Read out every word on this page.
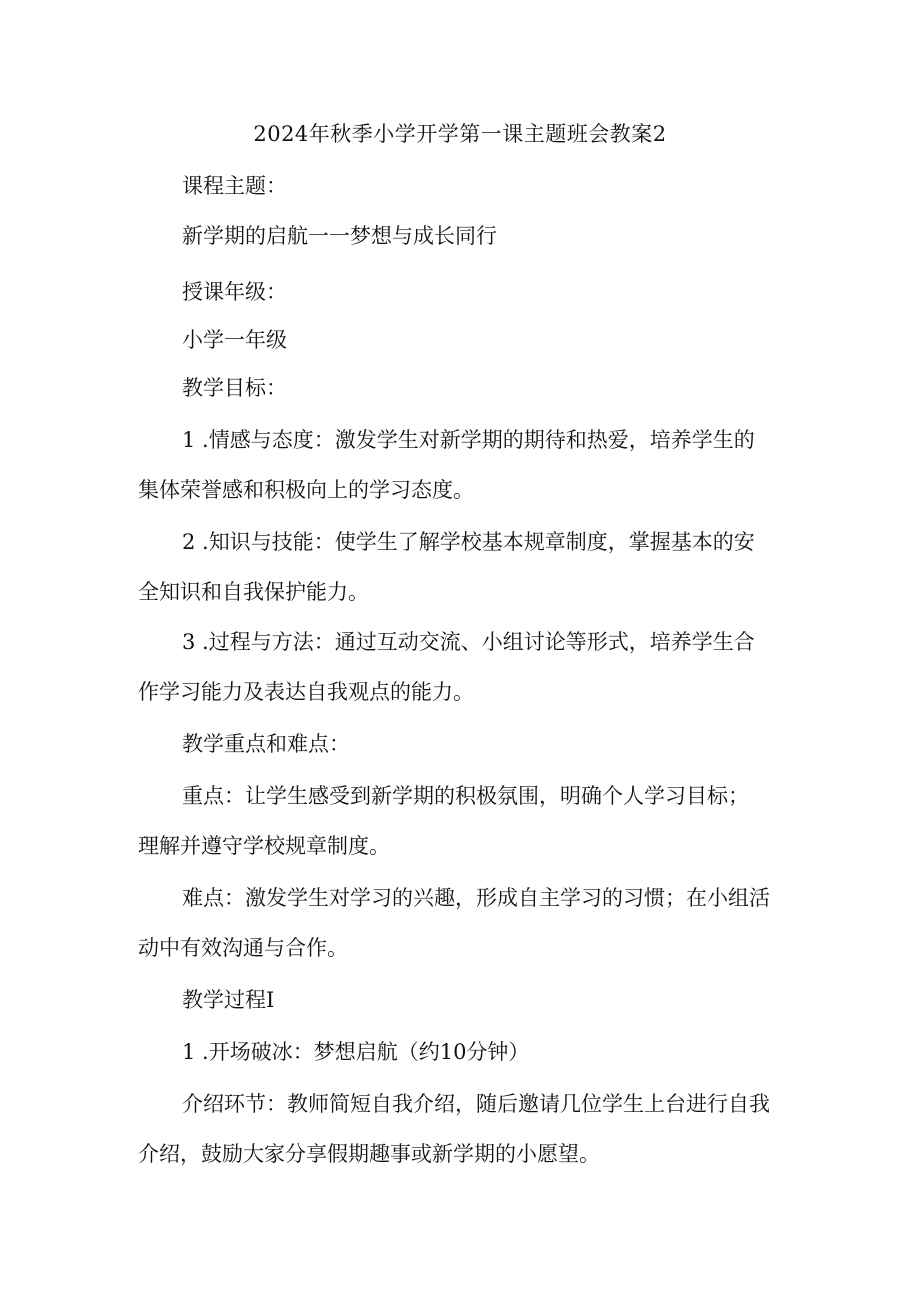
2024年秋季小学开学第一课主题班会教案2
课程主题：
新学期的启航一一梦想与成长同行
授课年级：
小学一年级
教学目标：
1 .情感与态度：激发学生对新学期的期待和热爱，培养学生的
集体荣誉感和积极向上的学习态度。
2 .知识与技能：使学生了解学校基本规章制度，掌握基本的安
全知识和自我保护能力。
3 .过程与方法：通过互动交流、小组讨论等形式，培养学生合
作学习能力及表达自我观点的能力。
教学重点和难点：
重点：让学生感受到新学期的积极氛围，明确个人学习目标；
理解并遵守学校规章制度。
难点：激发学生对学习的兴趣，形成自主学习的习惯；在小组活
动中有效沟通与合作。
教学过程I
1 .开场破冰：梦想启航（约10分钟）
介绍环节：教师简短自我介绍，随后邀请几位学生上台进行自我
介绍，鼓励大家分享假期趣事或新学期的小愿望。
